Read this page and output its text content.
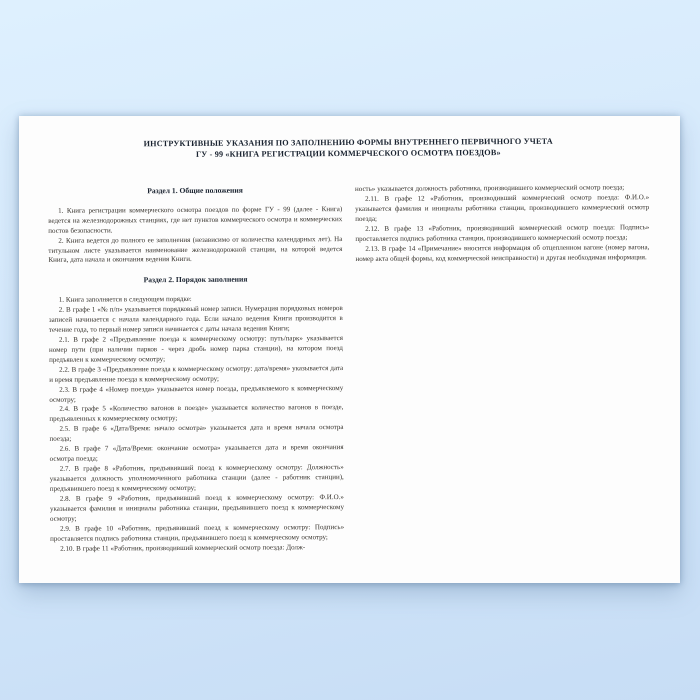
ИНСТРУКТИВНЫЕ УКАЗАНИЯ ПО ЗАПОЛНЕНИЮ ФОРМЫ ВНУТРЕННЕГО ПЕРВИЧНОГО УЧЕТА
ГУ - 99 «КНИГА РЕГИСТРАЦИИ КОММЕРЧЕСКОГО ОСМОТРА ПОЕЗДОВ»
Раздел 1. Общие положения

1. Книга регистрации коммерческого осмотра поездов по форме ГУ - 99 (далее - Книга) ведется на железнодорожных станциях, где нет пунктов коммерческого осмотра и коммерческих постов безопасности.

2. Книга ведется до полного ее заполнения (независимо от количества календарных лет). На титульном листе указывается наименование железнодорожной станции, на которой ведется Книга, дата начала и окончания ведения Книги.

Раздел 2. Порядок заполнения

1. Книга заполняется в следующем порядке:

2. В графе 1 «№ п/п» указывается порядковый номер записи. Нумерация порядковых номеров записей начинается с начала календарного года. Если начало ведения Книги производится в течение года, то первый номер записи начинается с даты начала ведения Книги;

2.1. В графе 2 «Предъявление поезда к коммерческому осмотру: путь/парк» указывается номер пути (при наличии парков - через дробь номер парка станции), на котором поезд предъявлен к коммерческому осмотру;

2.2. В графе 3 «Предъявление поезда к коммерческому осмотру: дата/время» указывается дата и время предъявление поезда к коммерческому осмотру;

2.3. В графе 4 «Номер поезда» указывается номер поезда, предъявляемого к коммерческому осмотру;

2.4. В графе 5 «Количество вагонов в поезде» указывается количество вагонов в поезде, предъявленных к коммерческому осмотру;

2.5. В графе 6 «Дата/Время: начало осмотра» указывается дата и время начала осмотра поезда;

2.6. В графе 7 «Дата/Время: окончание осмотра» указывается дата и время окончания осмотра поезда;

2.7. В графе 8 «Работник, предъявивший поезд к коммерческому осмотру: Должность» указывается должность уполномоченного работника станции (далее - работник станции), предъявившего поезд к коммерческому осмотру;

2.8. В графе 9 «Работник, предъявивший поезд к коммерческому осмотру: Ф.И.О.» указывается фамилия и инициалы работника станции, предъявившего поезд к коммерческому осмотру;

2.9. В графе 10 «Работник, предъявивший поезд к коммерческому осмотру: Подпись» проставляется подпись работника станции, предъявившего поезд к коммерческому осмотру;

2.10. В графе 11 «Работник, производивший коммерческий осмотр поезда: Долж-

ность» указывается должность работника, производившего коммерческий осмотр поезда;

2.11. В графе 12 «Работник, производивший коммерческий осмотр поезда: Ф.И.О.» указывается фамилия и инициалы работника станции, производившего коммерческий осмотр поезда;

2.12. В графе 13 «Работник, производивший коммерческий осмотр поезда: Подпись» проставляется подпись работника станции, производившего коммерческий осмотр поезда;

2.13. В графе 14 «Примечание» вносится информация об отцепленном вагоне (номер вагона, номер акта общей формы, код коммерческой неисправности) и другая необходимая информация.
